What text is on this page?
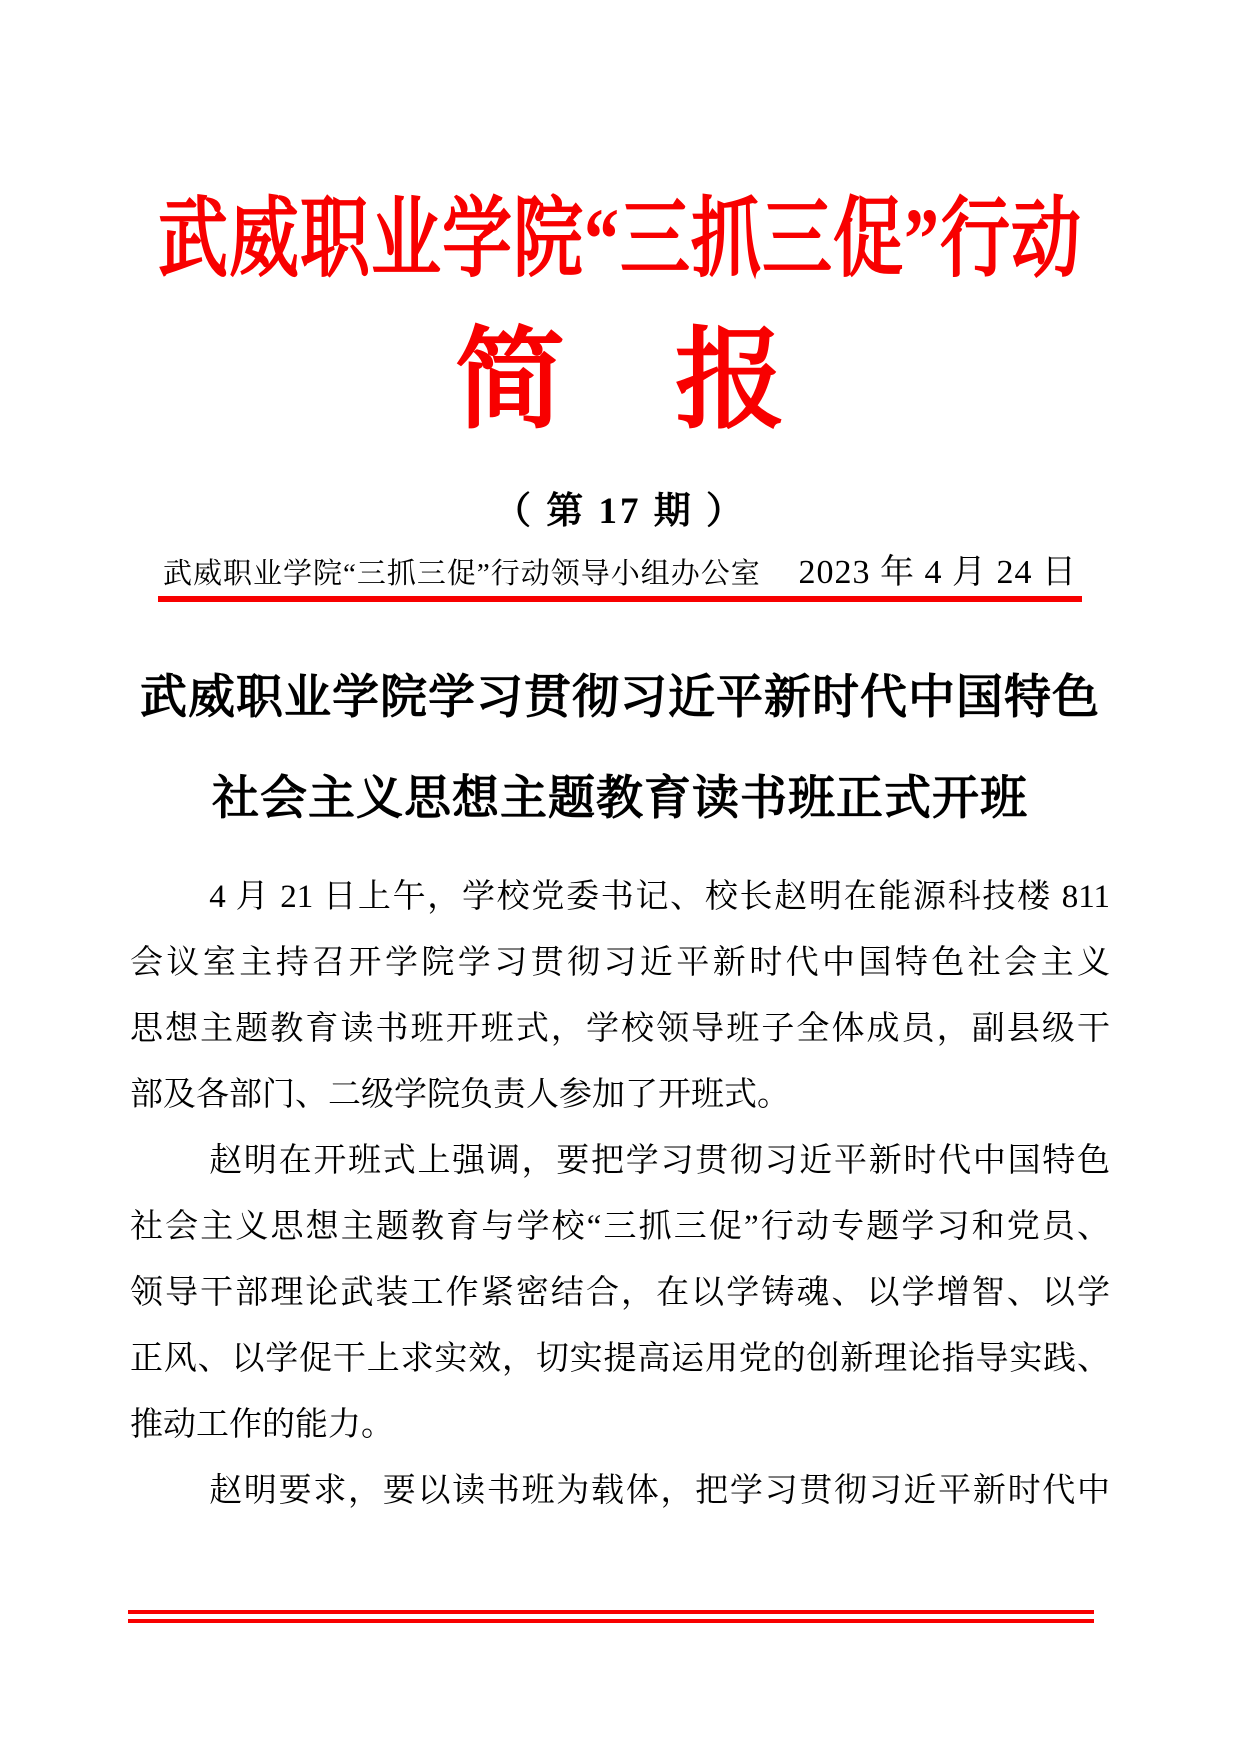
武威职业学院“三抓三促”行动
简　报
（ 第 17 期 ）
武威职业学院“三抓三促”行动领导小组办公室 2023 年 4 月 24 日
武威职业学院学习贯彻习近平新时代中国特色
社会主义思想主题教育读书班正式开班
4 月 21 日上午，学校党委书记、校长赵明在能源科技楼 811
会议室主持召开学院学习贯彻习近平新时代中国特色社会主义
思想主题教育读书班开班式，学校领导班子全体成员，副县级干
部及各部门、二级学院负责人参加了开班式。
赵明在开班式上强调，要把学习贯彻习近平新时代中国特色
社会主义思想主题教育与学校“三抓三促”行动专题学习和党员、
领导干部理论武装工作紧密结合，在以学铸魂、以学增智、以学
正风、以学促干上求实效，切实提高运用党的创新理论指导实践、
推动工作的能力。
赵明要求，要以读书班为载体，把学习贯彻习近平新时代中
